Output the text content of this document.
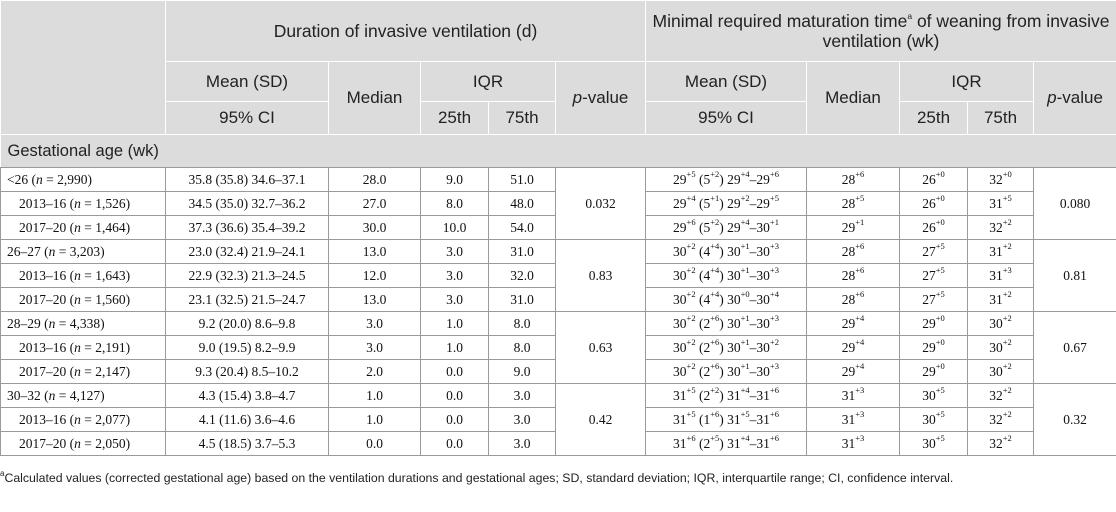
	Duration of invasive ventilation (d)					Minimal required maturation time$^a$ of weaning from invasive ventilation (wk)				
	Mean (SD)	Median	IQR		p-value	Mean (SD)	Median	IQR		p-value
	95% CI		25th	75th		95% CI		25th	75th	
Gestational age (wk)										
<26 (n = 2,990)	35.8 (35.8) 34.6–37.1	28.0	9.0	51.0	0.032	$29^{+5}$ $(5^{+2})$ $29^{+4}-29^{+6}$	$28^{+6}$	$26^{+0}$	$32^{+0}$	0.080
2013–16 (n = 1,526)	34.5 (35.0) 32.7–36.2	27.0	8.0	48.0		$29^{+4}$ $(5^{+1})$ $29^{+2}-29^{+5}$	$28^{+5}$	$26^{+0}$	$31^{+5}$
2017–20 (n = 1,464)	37.3 (36.6) 35.4–39.2	30.0	10.0	54.0		$29^{+6}$ $(5^{+2})$ $29^{+4}-30^{+1}$	$29^{+1}$	$26^{+0}$	$32^{+2}$
26–27 (n = 3,203)	23.0 (32.4) 21.9–24.1	13.0	3.0	31.0	0.83	$30^{+2}$ $(4^{+4})$ $30^{+1}-30^{+3}$	$28^{+6}$	$27^{+5}$	$31^{+2}$	0.81
2013–16 (n = 1,643)	22.9 (32.3) 21.3–24.5	12.0	3.0	32.0		$30^{+2}$ $(4^{+4})$ $30^{+1}-30^{+3}$	$28^{+6}$	$27^{+5}$	$31^{+3}$
2017–20 (n = 1,560)	23.1 (32.5) 21.5–24.7	13.0	3.0	31.0		$30^{+2}$ $(4^{+4})$ $30^{+0}-30^{+4}$	$28^{+6}$	$27^{+5}$	$31^{+2}$
28–29 (n = 4,338)	9.2 (20.0) 8.6–9.8	3.0	1.0	8.0	0.63	$30^{+2}$ $(2^{+6})$ $30^{+1}-30^{+3}$	$29^{+4}$	$29^{+0}$	$30^{+2}$	0.67
2013–16 (n = 2,191)	9.0 (19.5) 8.2–9.9	3.0	1.0	8.0		$30^{+2}$ $(2^{+6})$ $30^{+1}-30^{+2}$	$29^{+4}$	$29^{+0}$	$30^{+2}$
2017–20 (n = 2,147)	9.3 (20.4) 8.5–10.2	2.0	0.0	9.0		$30^{+2}$ $(2^{+6})$ $30^{+1}-30^{+3}$	$29^{+4}$	$29^{+0}$	$30^{+2}$
30–32 (n = 4,127)	4.3 (15.4) 3.8–4.7	1.0	0.0	3.0	0.42	$31^{+5}$ $(2^{+2})$ $31^{+4}-31^{+6}$	$31^{+3}$	$30^{+5}$	$32^{+2}$	0.32
2013–16 (n = 2,077)	4.1 (11.6) 3.6–4.6	1.0	0.0	3.0		$31^{+5}$ $(1^{+6})$ $31^{+5}-31^{+6}$	$31^{+3}$	$30^{+5}$	$32^{+2}$
2017–20 (n = 2,050)	4.5 (18.5) 3.7–5.3	0.0	0.0	3.0		$31^{+6}$ $(2^{+5})$ $31^{+4}-31^{+6}$	$31^{+3}$	$30^{+5}$	$32^{+2}$
$^a$Calculated values (corrected gestational age) based on the ventilation durations and gestational ages; SD, standard deviation; IQR, interquartile range; CI, confidence interval.
